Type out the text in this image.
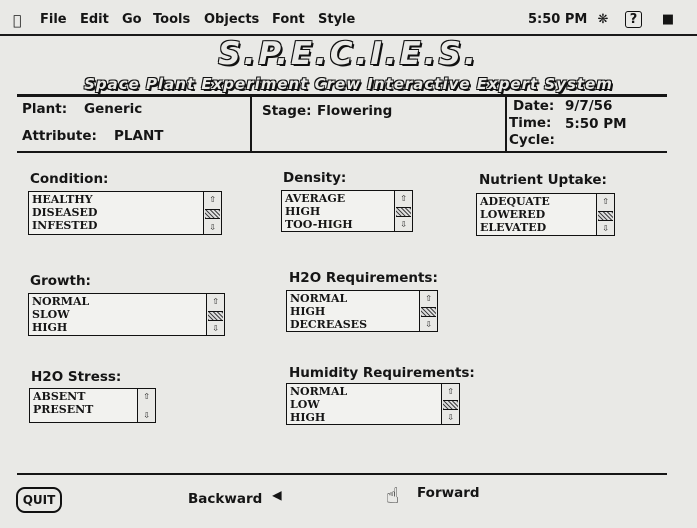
File Edit Go Tools Objects Font Style	5:50 PM ❋	?	■
S.P.E.C.I.E.S.
Space Plant Experiment Crew Interactive Expert System
Plant: Generic
Attribute: PLANT
Stage: Flowering	Date: 9/7/56
Time: 5:50 PM
Cycle:
Condition:
HEALTHY
DISEASED
INFESTED
⇧
⇩
Density:
AVERAGE
HIGH
TOO-HIGH
⇧
⇩
Nutrient Uptake:
ADEQUATE
LOWERED
ELEVATED
⇧
⇩
Growth:
NORMAL
SLOW
HIGH
⇧
⇩
H2O Requirements:
NORMAL
HIGH
DECREASES
⇧
⇩
H2O Stress:
ABSENT
PRESENT
⇧
⇩
Humidity Requirements:
NORMAL
LOW
HIGH
⇧
⇩
QUIT	Backward ◀	☝ Forward
